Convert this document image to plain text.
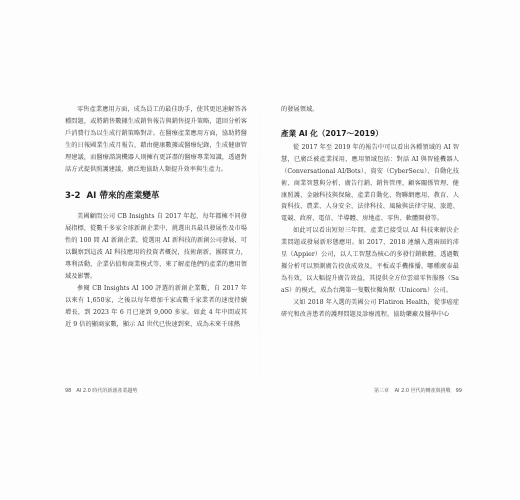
零售產業應用方面，成為員工的最佳助手，使其更迅速解答各種問題，或將銷售數據生成銷售報告與銷售提升策略，還回分析客戶消費行為以生成行銷策略對計。在醫療產業應用方面，協助將醫生的日報國業生成月報告，藉由健康數據或醫療紀錄，生成健康管理建議，而醫療諮詢機器人則擁有更詳盡的醫療專業知識，透過對話方式提供照護建議，廣泛地協助人類提升效率與生產力。

3-2 AI 帶來的產業變革

美國顧問公司 CB Insights 自 2017 年起，每年都擁不同發展指標，從數千多家全球新創企業中，挑選出具最具發展性及市場性的 100 間 AI 新創企業，從選用 AI 新科技的新創公司發展，可以觀察到這波 AI 科技應用的投資者概況，技術創新，團隊實力，專利活動，企業佔值和商業模式等，來了解產他們的產業的應用領域及影響。

參閱 CB Insights AI 100 評選的新創企業數，自 2017 年以來有 1,650家，之後以每年增加千家或數千家業者的速度持續增長，到 2023 年 6 月已達到 9,000 多家。如此 4 年中間或其近 9 倍的顯商家數，顯示 AI 世代已快速到來，成為未來千球熱

98 AI 2.0 時代的新創產業趨勢

的發展領域。

產業 AI 化（2017～2019）

從 2017 年至 2019 年的報告中可以看出各種領域的 AI 智慧，已廣泛被產業採用，應用領域包括：對話 AI 與智能機器人（Conversational AI/Bots）、資安（CyberSecu）、自動化技術、商業智慧與分析、廣告行銷、銷售管理、顧客關係管理、健康照護、金融科技與保險、產業自動化、物聯網應用、教育、人資科技、農業、人身安全、法律科技、風險與法律守規、旅遊、電競、政府、電信、半導體、房地產、零售、軟體開發等。

如此可以看出短短三年間，產業已接受以 AI 科技來解決企業問題或發展新形態應用。如 2017、2018 連續入選兩屆的沛星（Appier）公司，以人工智慧為核心的多發行銷軟體，透過數據分析可以預測廣告投放成效及，平板或手機推播，哪種廣泰最為有效，以大幅提升廣告效益，其提供全方位雲端零售服務（SaaS）的模式，成為台灣第一隻數位獨角獸（Unicorn）公司。

又如 2018 年入選的美國公司 Flatiron Health，從事癌症研究和改善患者的護理問題及診療流程，協助藥廠及醫學中心

第三章 AI 2.0 世代的轉產與挑戰 99
